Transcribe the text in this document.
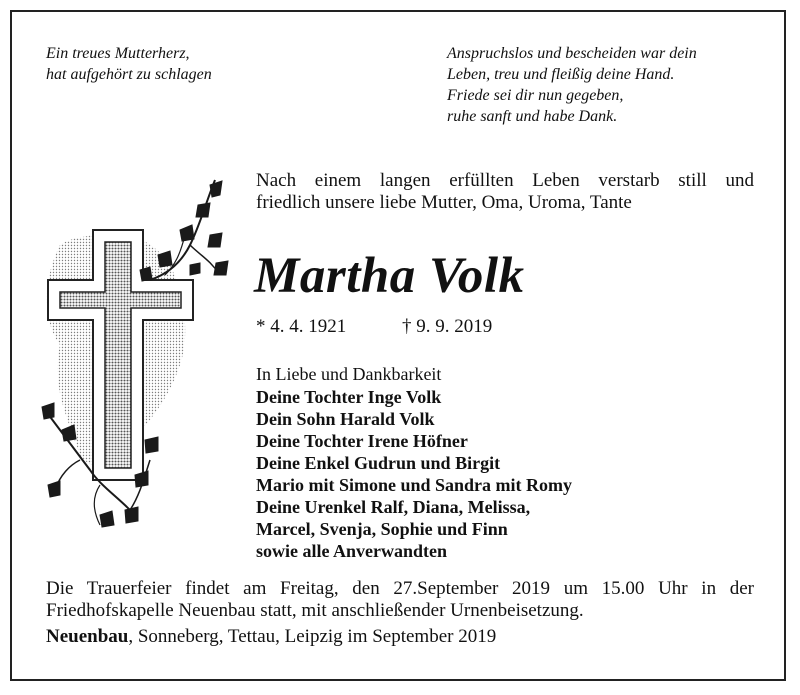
Ein treues Mutterherz,
hat aufgehört zu schlagen
Anspruchslos und bescheiden war dein
Leben, treu und fleißig deine Hand.
Friede sei dir nun gegeben,
ruhe sanft und habe Dank.
Nach einem langen erfüllten Leben verstarb still und
friedlich unsere liebe Mutter, Oma, Uroma, Tante
Martha Volk
* 4. 4. 1921	† 9. 9. 2019
In Liebe und Dankbarkeit
Deine Tochter Inge Volk
Dein Sohn Harald Volk
Deine Tochter Irene Höfner
Deine Enkel Gudrun und Birgit
Mario mit Simone und Sandra mit Romy
Deine Urenkel Ralf, Diana, Melissa,
Marcel, Svenja, Sophie und Finn
sowie alle Anverwandten
Die Trauerfeier findet am Freitag, den 27.September 2019 um 15.00 Uhr in der
Friedhofskapelle Neuenbau statt, mit anschließender Urnenbeisetzung.
Neuenbau, Sonneberg, Tettau, Leipzig im September 2019
